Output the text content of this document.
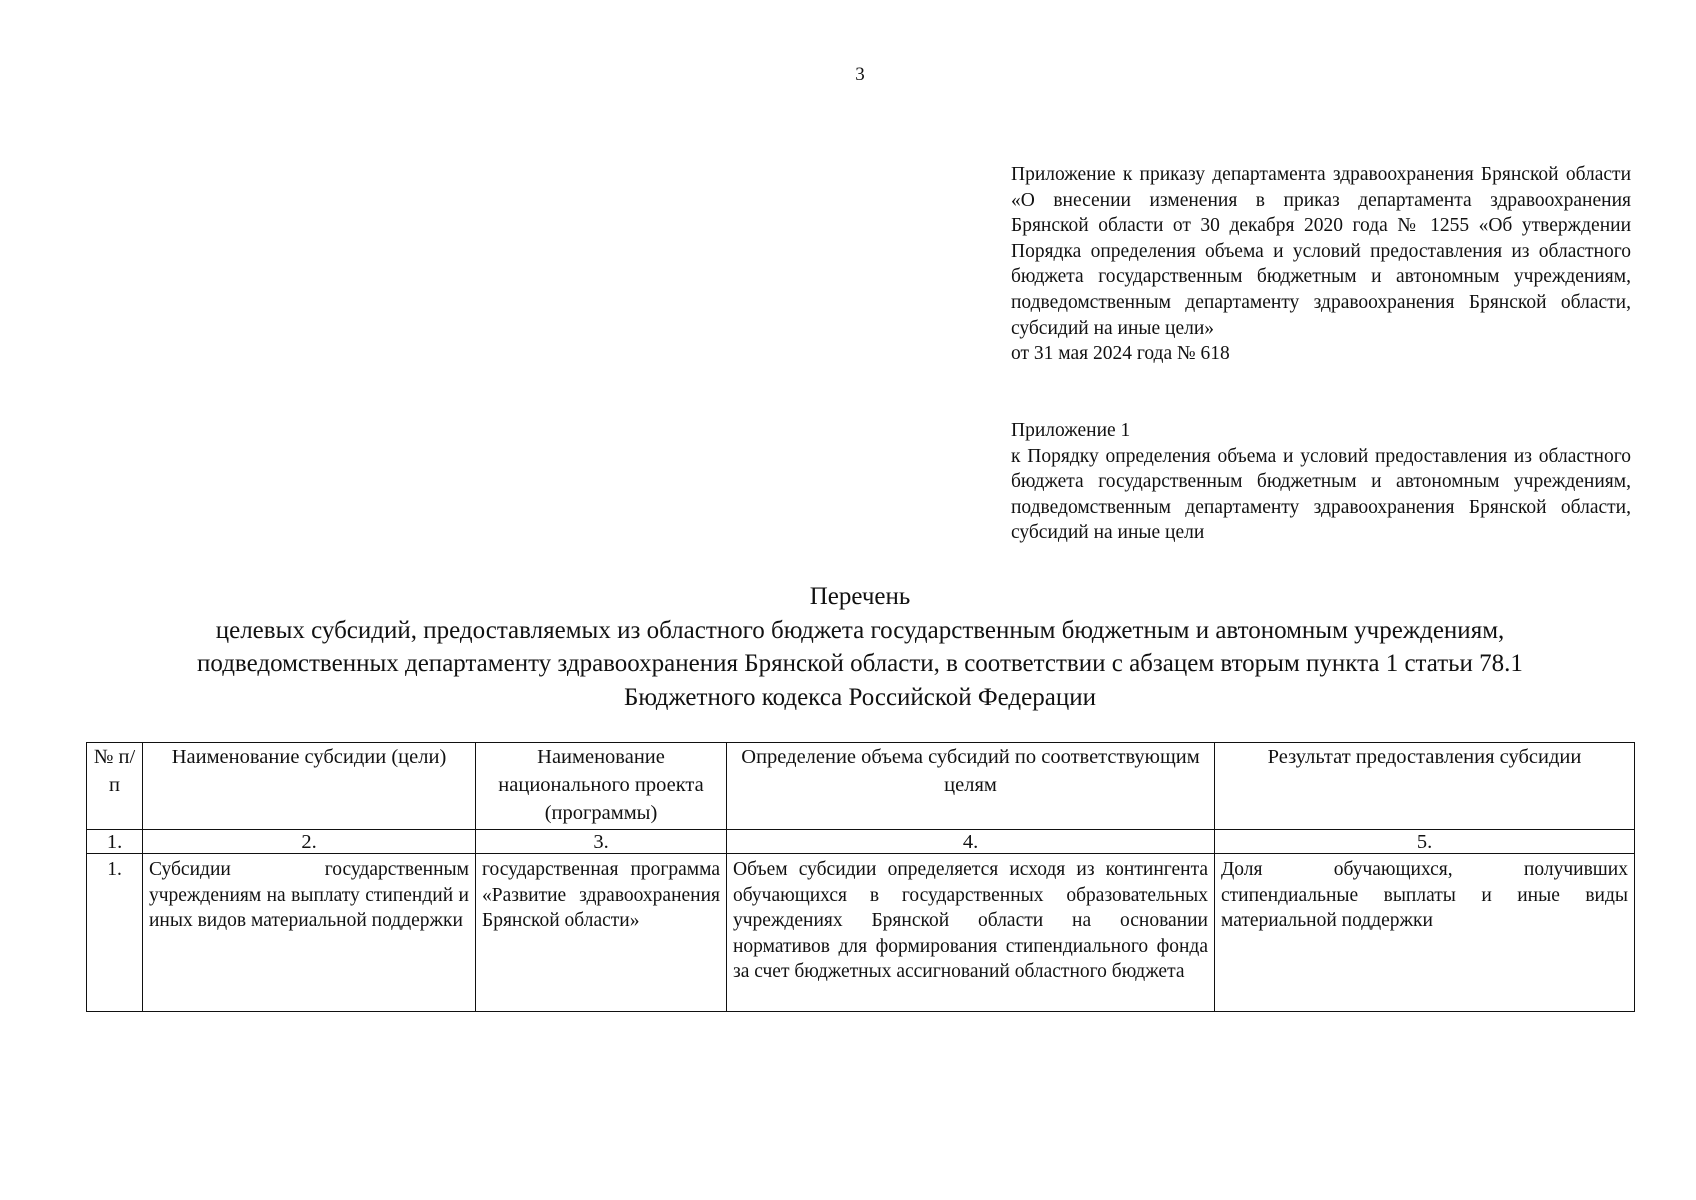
3

Приложение к приказу департамента здравоохранения Брянской области «О внесении изменения в приказ департамента здравоохранения Брянской области от 30 декабря 2020 года № 1255 «Об утверждении Порядка определения объема и условий предоставления из областного бюджета государственным бюджетным и автономным учреждениям, подведомственным департаменту здравоохранения Брянской области, субсидий на иные цели»

от 31 мая 2024 года № 618

Приложение 1

к Порядку определения объема и условий предоставления из областного бюджета государственным бюджетным и автономным учреждениям, подведомственным департаменту здравоохранения Брянской области, субсидий на иные цели

Перечень
целевых субсидий, предоставляемых из областного бюджета государственным бюджетным и автономным учреждениям,
подведомственных департаменту здравоохранения Брянской области, в соответствии с абзацем вторым пункта 1 статьи 78.1
Бюджетного кодекса Российской Федерации
№ п/п	Наименование субсидии (цели)	Наименование национального проекта (программы)	Определение объема субсидий по соответствующим целям	Результат предоставления субсидии
1.	2.	3.	4.	5.
1.	Субсидии государственным учреждениям на выплату стипендий и иных видов материальной поддержки	государственная программа «Развитие здравоохранения Брянской области»	Объем субсидии определяется исходя из контингента обучающихся в государственных образовательных учреждениях Брянской области на основании нормативов для формирования стипендиального фонда за счет бюджетных ассигнований областного бюджета	Доля обучающихся, получивших стипендиальные выплаты и иные виды материальной поддержки
